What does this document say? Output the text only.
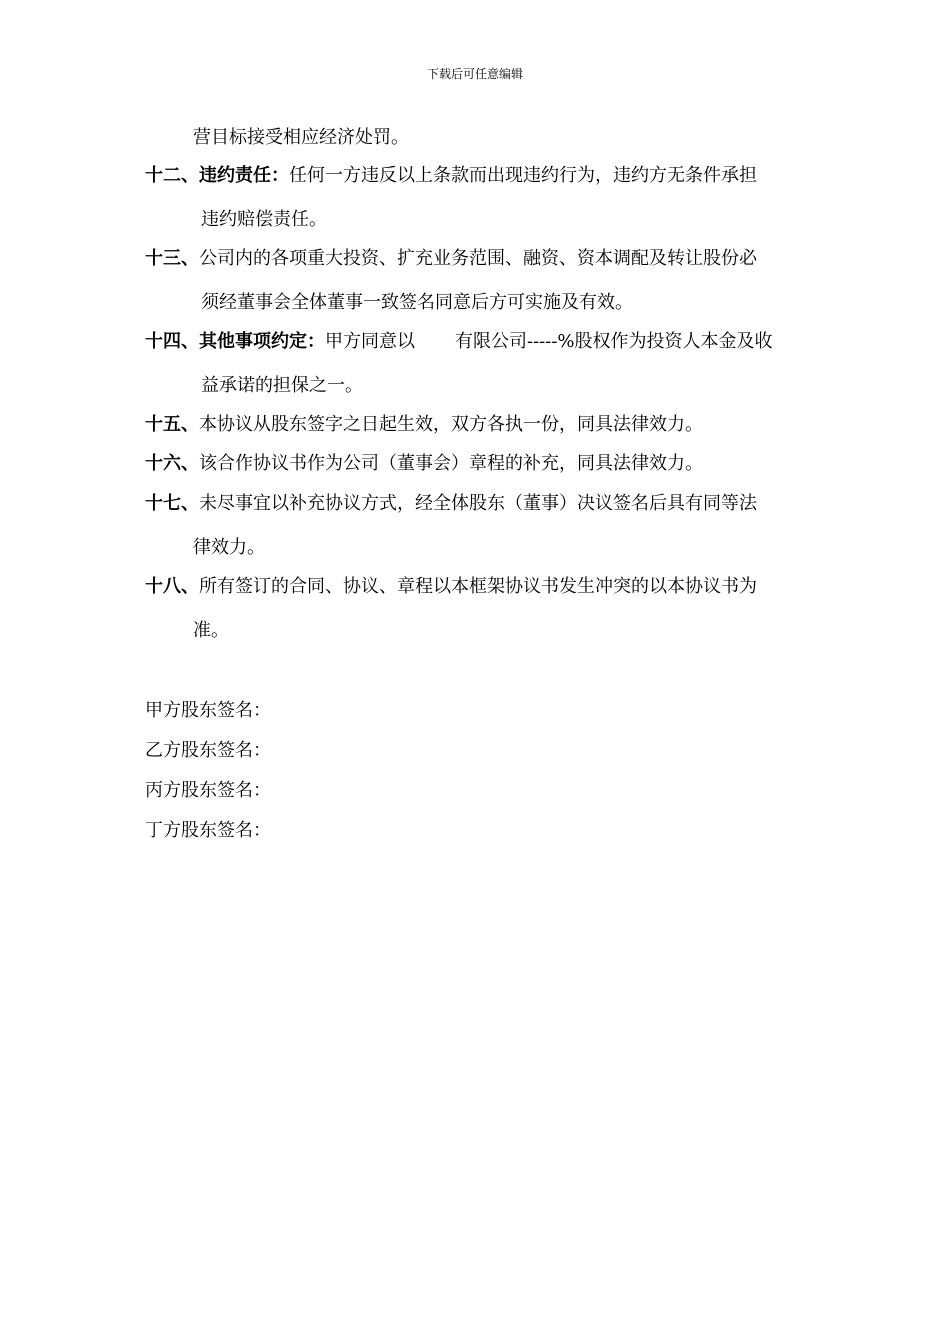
下载后可任意编辑
营目标接受相应经济处罚。
十二、违约责任：任何一方违反以上条款而出现违约行为，违约方无条件承担
违约赔偿责任。
十三、公司内的各项重大投资、扩充业务范围、融资、资本调配及转让股份必
须经董事会全体董事一致签名同意后方可实施及有效。
十四、其他事项约定：甲方同意以 有限公司-----%股权作为投资人本金及收
益承诺的担保之一。
十五、本协议从股东签字之日起生效，双方各执一份，同具法律效力。
十六、该合作协议书作为公司（董事会）章程的补充，同具法律效力。
十七、未尽事宜以补充协议方式，经全体股东（董事）决议签名后具有同等法
律效力。
十八、所有签订的合同、协议、章程以本框架协议书发生冲突的以本协议书为
准。
甲方股东签名：
乙方股东签名：
丙方股东签名：
丁方股东签名：
